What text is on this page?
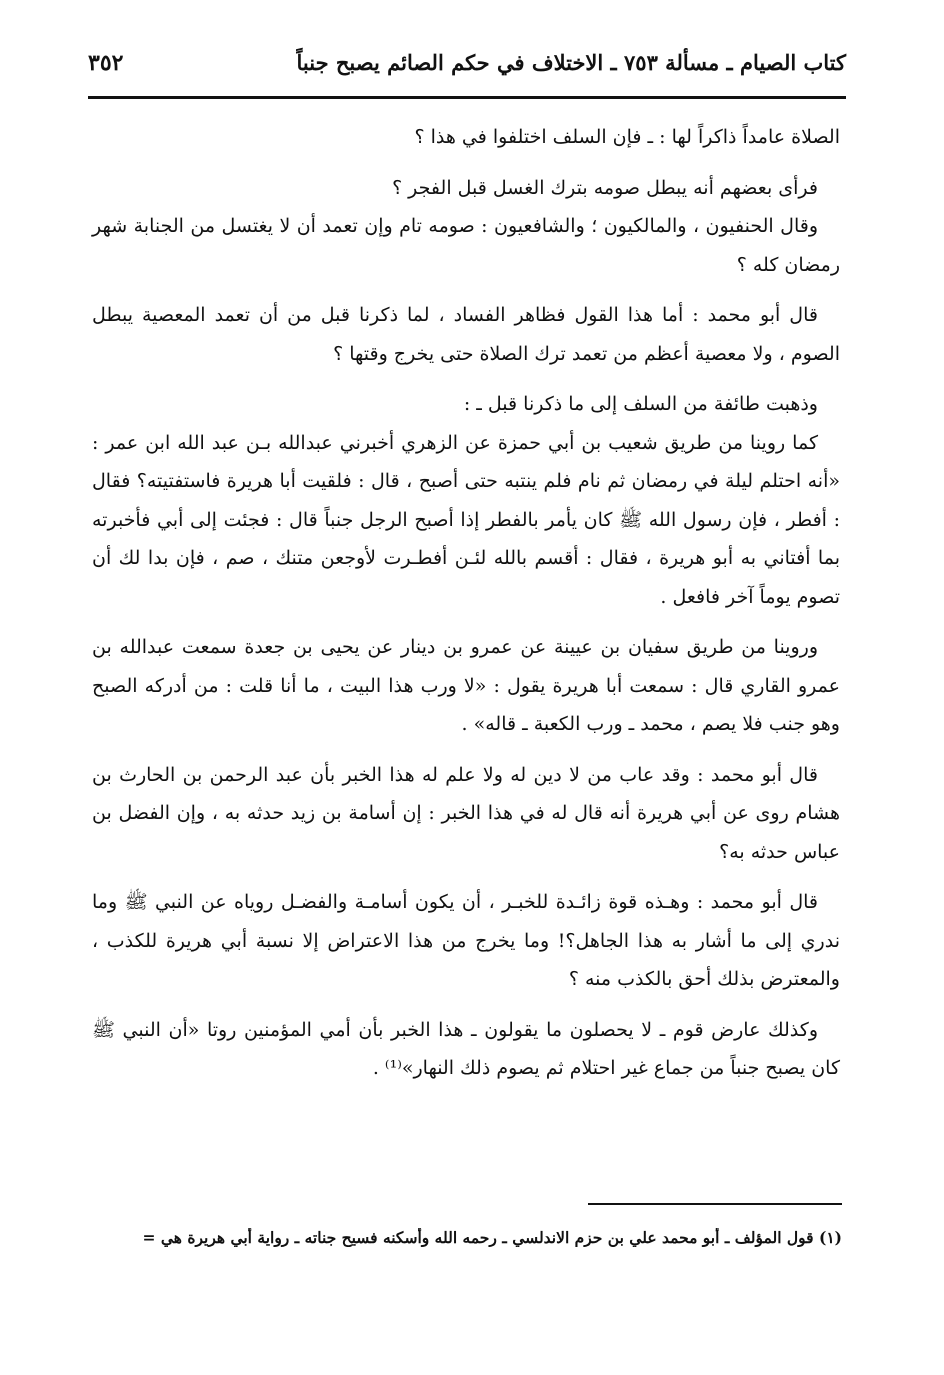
كتاب الصيام ـ مسألة ٧٥٣ ـ الاختلاف في حكم الصائم يصبح جنباً
٣٥٢

الصلاة عامداً ذاكراً لها : ـ فإن السلف اختلفوا في هذا ؟

فرأى بعضهم أنه يبطل صومه بترك الغسل قبل الفجر ؟

وقال الحنفيون ، والمالكيون ؛ والشافعيون : صومه تام وإن تعمد أن لا يغتسل من الجنابة شهر رمضان كله ؟

قال أبو محمد : أما هذا القول فظاهر الفساد ، لما ذكرنا قبل من أن تعمد المعصية يبطل الصوم ، ولا معصية أعظم من تعمد ترك الصلاة حتى يخرج وقتها ؟

وذهبت طائفة من السلف إلى ما ذكرنا قبل ـ :

كما روينا من طريق شعيب بن أبي حمزة عن الزهري أخبرني عبدالله بـن عبد الله ابن عمر : «أنه احتلم ليلة في رمضان ثم نام فلم ينتبه حتى أصبح ، قال : فلقيت أبا هريرة فاستفتيته؟ فقال : أفطر ، فإن رسول الله ﷺ كان يأمر بالفطر إذا أصبح الرجل جنباً قال : فجئت إلى أبي فأخبرته بما أفتاني به أبو هريرة ، فقال : أقسم بالله لئـن أفطـرت لأوجعن متنك ، صم ، فإن بدا لك أن تصوم يوماً آخر فافعل .

وروينا من طريق سفيان بن عيينة عن عمرو بن دينار عن يحيى بن جعدة سمعت عبدالله بن عمرو القاري قال : سمعت أبا هريرة يقول : «لا ورب هذا البيت ، ما أنا قلت : من أدركه الصبح وهو جنب فلا يصم ، محمد ـ ورب الكعبة ـ قاله» .

قال أبو محمد : وقد عاب من لا دين له ولا علم له هذا الخبر بأن عبد الرحمن بن الحارث بن هشام روى عن أبي هريرة أنه قال له في هذا الخبر : إن أسامة بن زيد حدثه به ، وإن الفضل بن عباس حدثه به؟

قال أبو محمد : وهـذه قوة زائـدة للخبـر ، أن يكون أسامـة والفضـل روياه عن النبي ﷺ وما ندري إلى ما أشار به هذا الجاهل؟! وما يخرج من هذا الاعتراض إلا نسبة أبي هريرة للكذب ، والمعترض بذلك أحق بالكذب منه ؟

وكذلك عارض قوم ـ لا يحصلون ما يقولون ـ هذا الخبر بأن أمي المؤمنين روتا «أن النبي ﷺ كان يصبح جنباً من جماع غير احتلام ثم يصوم ذلك النهار»⁽¹⁾ .

(١) قول المؤلف ـ أبو محمد علي بن حزم الاندلسي ـ رحمه الله وأسكنه فسيح جناته ـ رواية أبي هريرة هي =
